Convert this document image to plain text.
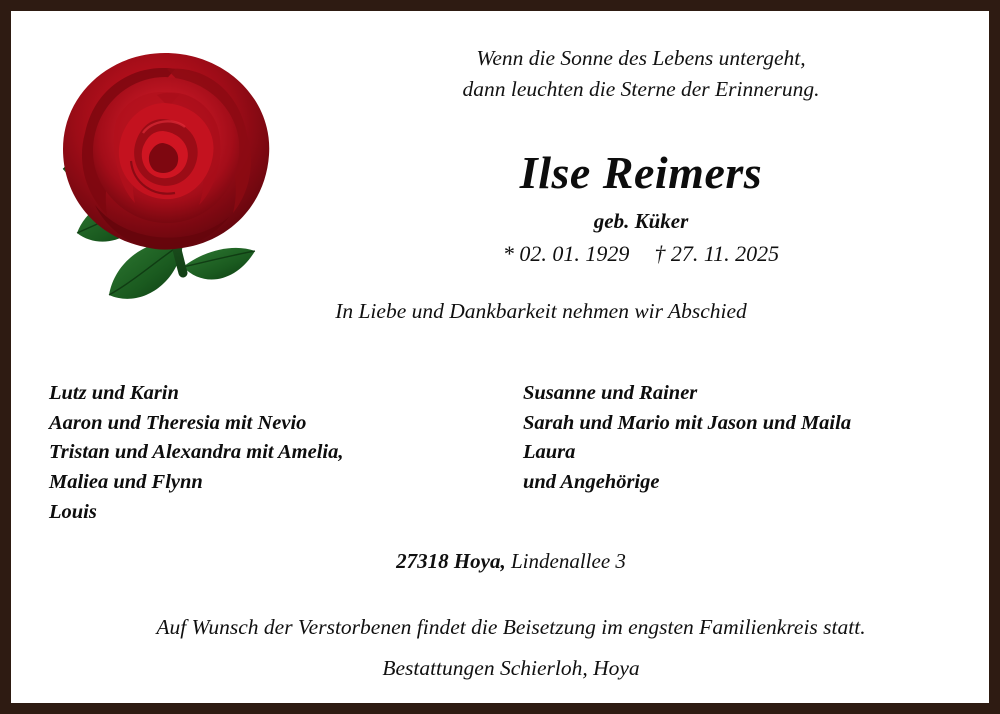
Wenn die Sonne des Lebens untergeht,
dann leuchten die Sterne der Erinnerung.
Ilse Reimers
geb. Küker
* 02. 01. 1929 † 27. 11. 2025
In Liebe und Dankbarkeit nehmen wir Abschied
Lutz und Karin
Aaron und Theresia mit Nevio
Tristan und Alexandra mit Amelia,
Maliea und Flynn
Louis
Susanne und Rainer
Sarah und Mario mit Jason und Maila
Laura
und Angehörige
27318 Hoya, Lindenallee 3
Auf Wunsch der Verstorbenen findet die Beisetzung im engsten Familienkreis statt.
Bestattungen Schierloh, Hoya
